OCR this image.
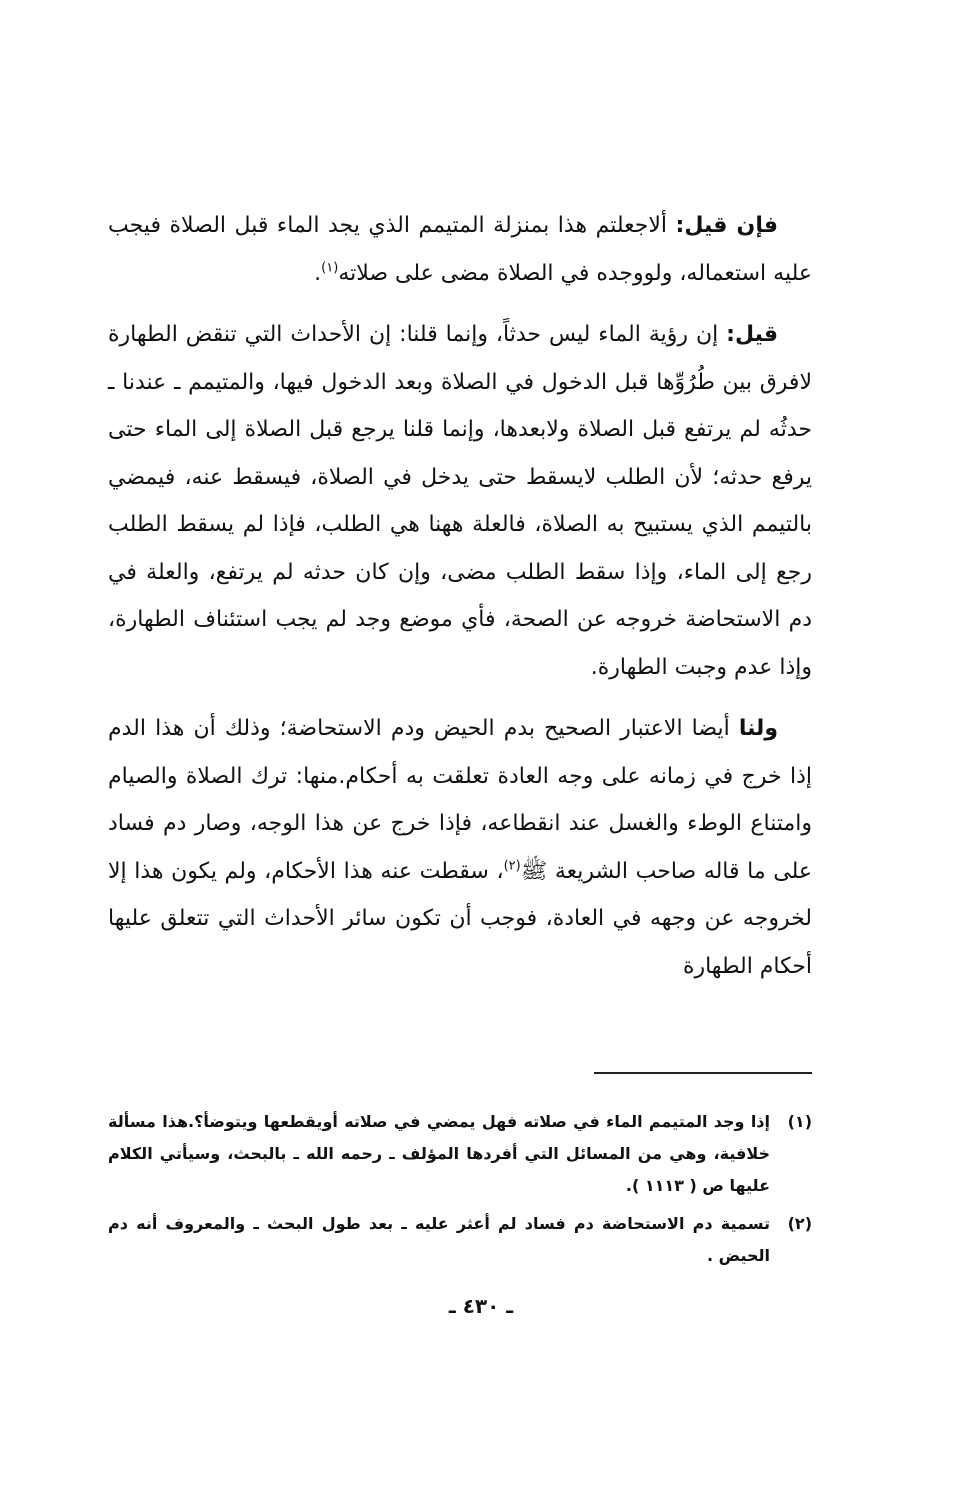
فإن قيل: ألاجعلتم هذا بمنزلة المتيمم الذي يجد الماء قبل الصلاة فيجب عليه استعماله، ولووجده في الصلاة مضى على صلاته$^{(١)}$.

قيل: إن رؤية الماء ليس حدثاً، وإنما قلنا: إن الأحداث التي تنقض الطهارة لافرق بين طُرُوِّها قبل الدخول في الصلاة وبعد الدخول فيها، والمتيمم ـ عندنا ـ حدثُه لم يرتفع قبل الصلاة ولابعدها، وإنما قلنا يرجع قبل الصلاة إلى الماء حتى يرفع حدثه؛ لأن الطلب لايسقط حتى يدخل في الصلاة، فيسقط عنه، فيمضي بالتيمم الذي يستبيح به الصلاة، فالعلة ههنا هي الطلب، فإذا لم يسقط الطلب رجع إلى الماء، وإذا سقط الطلب مضى، وإن كان حدثه لم يرتفع، والعلة في دم الاستحاضة خروجه عن الصحة، فأي موضع وجد لم يجب استئناف الطهارة، وإذا عدم وجبت الطهارة.

ولنا أيضا الاعتبار الصحيح بدم الحيض ودم الاستحاضة؛ وذلك أن هذا الدم إذا خرج في زمانه على وجه العادة تعلقت به أحكام.منها: ترك الصلاة والصيام وامتناع الوطء والغسل عند انقطاعه، فإذا خرج عن هذا الوجه، وصار دم فساد على ما قاله صاحب الشريعة ﷺ$^{(٢)}$، سقطت عنه هذا الأحكام، ولم يكون هذا إلا لخروجه عن وجهه في العادة، فوجب أن تكون سائر الأحداث التي تتعلق عليها أحكام الطهارة

(١)
إذا وجد المتيمم الماء في صلاته فهل يمضي في صلاته أويقطعها ويتوضأ؟.هذا مسألة خلافية، وهي من المسائل التي أفردها المؤلف ـ رحمه الله ـ بالبحث، وسيأتي الكلام عليها ص ( ١١١٣ ).
(٢)
تسمية دم الاستحاضة دم فساد لم أعثر عليه ـ بعد طول البحث ـ والمعروف أنه دم الحيض .
ـ ٤٣٠ ـ
